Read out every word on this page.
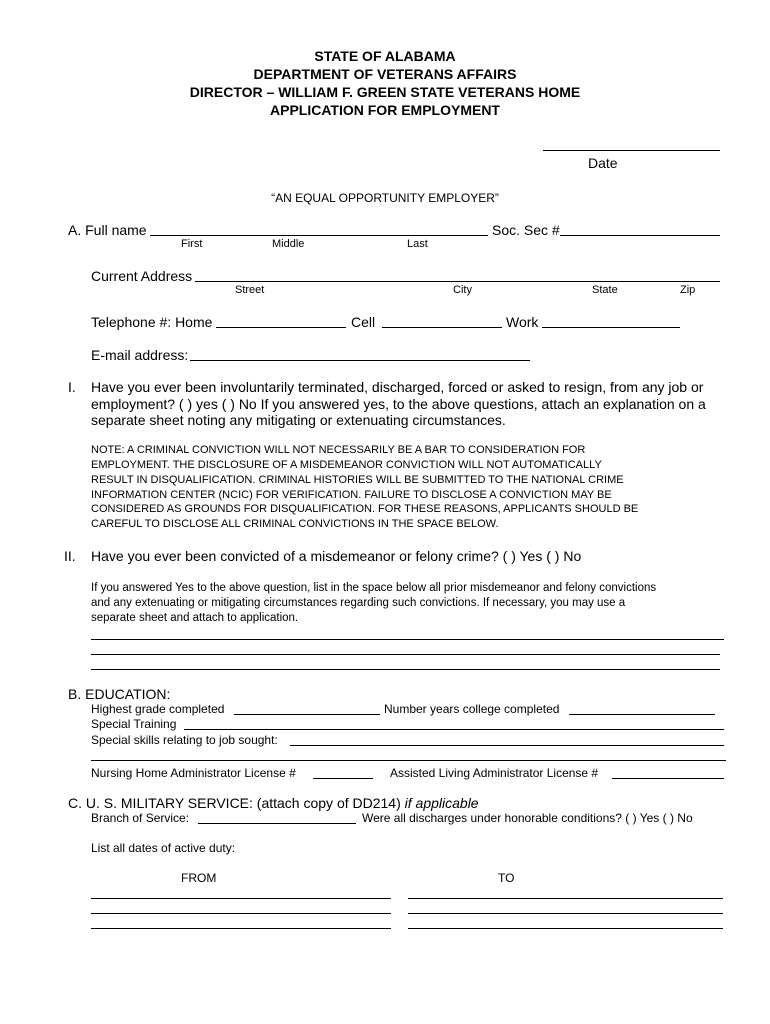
STATE OF ALABAMA
DEPARTMENT OF VETERANS AFFAIRS
DIRECTOR – WILLIAM F. GREEN STATE VETERANS HOME
APPLICATION FOR EMPLOYMENT
Date
“AN EQUAL OPPORTUNITY EMPLOYER”
A. Full name	Soc. Sec #
First	Middle	Last
Current Address
Street	City	State	Zip
Telephone #: Home	Cell	Work
E-mail address:
I. Have you ever been involuntarily terminated, discharged, forced or asked to resign, from any job or
employment? ( ) yes ( ) No If you answered yes, to the above questions, attach an explanation on a
separate sheet noting any mitigating or extenuating circumstances.
NOTE: A CRIMINAL CONVICTION WILL NOT NECESSARILY BE A BAR TO CONSIDERATION FOR
EMPLOYMENT. THE DISCLOSURE OF A MISDEMEANOR CONVICTION WILL NOT AUTOMATICALLY
RESULT IN DISQUALIFICATION. CRIMINAL HISTORIES WILL BE SUBMITTED TO THE NATIONAL CRIME
INFORMATION CENTER (NCIC) FOR VERIFICATION. FAILURE TO DISCLOSE A CONVICTION MAY BE
CONSIDERED AS GROUNDS FOR DISQUALIFICATION. FOR THESE REASONS, APPLICANTS SHOULD BE
CAREFUL TO DISCLOSE ALL CRIMINAL CONVICTIONS IN THE SPACE BELOW.
II. Have you ever been convicted of a misdemeanor or felony crime? ( ) Yes ( ) No
If you answered Yes to the above question, list in the space below all prior misdemeanor and felony convictions
and any extenuating or mitigating circumstances regarding such convictions. If necessary, you may use a
separate sheet and attach to application.
B. EDUCATION:
Highest grade completed	Number years college completed
Special Training
Special skills relating to job sought:
Nursing Home Administrator License #	Assisted Living Administrator License #
C. U. S. MILITARY SERVICE: (attach copy of DD214) if applicable
Branch of Service:	Were all discharges under honorable conditions? ( ) Yes ( ) No
List all dates of active duty:
FROM	TO
